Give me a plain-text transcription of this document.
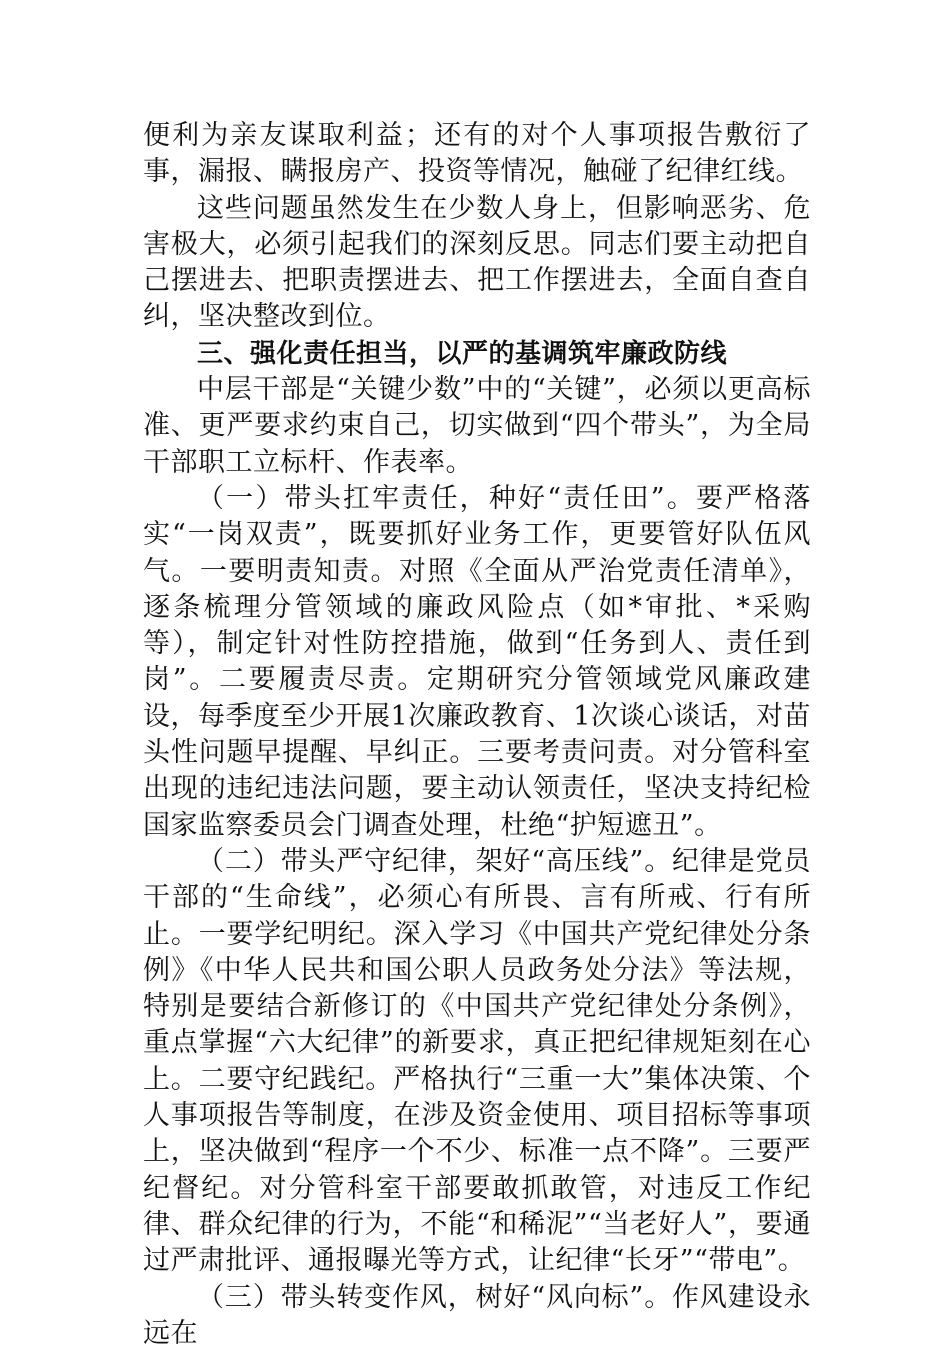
便利为亲友谋取利益；还有的对个人事项报告敷衍了事，漏报、瞒报房产、投资等情况，触碰了纪律红线。

这些问题虽然发生在少数人身上，但影响恶劣、危害极大，必须引起我们的深刻反思。同志们要主动把自己摆进去、把职责摆进去、把工作摆进去，全面自查自纠，坚决整改到位。

三、强化责任担当，以严的基调筑牢廉政防线

中层干部是“关键少数”中的“关键”，必须以更高标准、更严要求约束自己，切实做到“四个带头”，为全局干部职工立标杆、作表率。

（一）带头扛牢责任，种好“责任田”。要严格落实“一岗双责”，既要抓好业务工作，更要管好队伍风气。一要明责知责。对照《全面从严治党责任清单》，逐条梳理分管领域的廉政风险点（如*审批、*采购等），制定针对性防控措施，做到“任务到人、责任到岗”。二要履责尽责。定期研究分管领域党风廉政建设，每季度至少开展1次廉政教育、1次谈心谈话，对苗头性问题早提醒、早纠正。三要考责问责。对分管科室出现的违纪违法问题，要主动认领责任，坚决支持纪检国家监察委员会门调查处理，杜绝“护短遮丑”。

（二）带头严守纪律，架好“高压线”。纪律是党员干部的“生命线”，必须心有所畏、言有所戒、行有所止。一要学纪明纪。深入学习《中国共产党纪律处分条例》《中华人民共和国公职人员政务处分法》等法规，特别是要结合新修订的《中国共产党纪律处分条例》，重点掌握“六大纪律”的新要求，真正把纪律规矩刻在心上。二要守纪践纪。严格执行“三重一大”集体决策、个人事项报告等制度，在涉及资金使用、项目招标等事项上，坚决做到“程序一个不少、标准一点不降”。三要严纪督纪。对分管科室干部要敢抓敢管，对违反工作纪律、群众纪律的行为，不能“和稀泥”“当老好人”，要通过严肃批评、通报曝光等方式，让纪律“长牙”“带电”。

（三）带头转变作风，树好“风向标”。作风建设永远在
